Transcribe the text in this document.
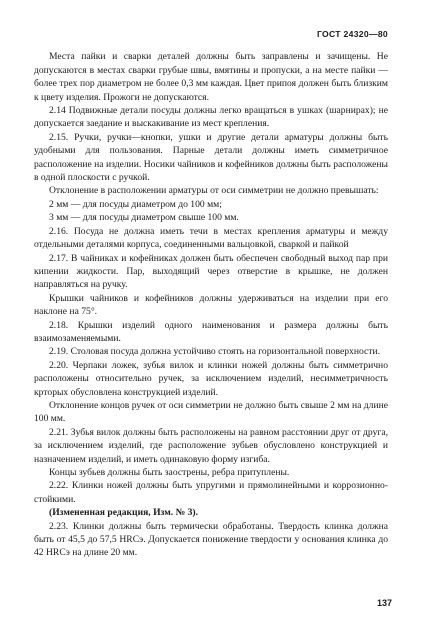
ГОСТ 24320—80

Места пайки и сварки деталей должны быть заправлены и зачищены. Не допускаются в местах сварки грубые швы, вмятины и пропуски, а на месте пайки — более трех пор диаметром не более 0,3 мм каждая. Цвет припоя должен быть близким к цвету изделия. Прожоги не допускаются.

2.14 Подвижные детали посуды должны легко вращаться в ушках (шарнирах); не допускается заедание и выскакивание из мест крепления.

2.15. Ручки, ручки—кнопки, ушки и другие детали арматуры должны быть удобными для пользования. Парные детали должны иметь симметричное расположение на изделии. Носики чайников и кофейников должны быть расположены в одной плоскости с ручкой.

Отклонение в расположении арматуры от оси симметрии не должно превышать:

2 мм — для посуды диаметром до 100 мм;

3 мм — для посуды диаметром свыше 100 мм.

2.16. Посуда не должна иметь течи в местах крепления арматуры и между отдельными деталями корпуса, соединенными вальцовкой, сваркой и пайкой

2.17. В чайниках и кофейниках должен быть обеспечен свободный выход пар при кипении жидкости. Пар, выходящий через отверстие в крышке, не должен направляться на ручку.

Крышки чайников и кофейников должны удерживаться на изделии при его наклоне на 75°.

2.18. Крышки изделий одного наименования и размера должны быть взаимозаменяемыми.

2.19. Столовая посуда должна устойчиво стоять на горизонтальной поверхности.

2.20. Черпаки ложек, зубья вилок и клинки ножей должны быть симметрично расположены относительно ручек, за исключением изделий, несимметричность крторых обусловлена конструкцией изделий.

Отклонение концов ручек от оси симметрии не должно быть свыше 2 мм на длине 100 мм.

2.21. Зубья вилок должны быть расположены на равном расстоянии друг от друга, за исключением изделий, где расположение зубьев обусловлено конструкцией и назначением изделий, и иметь одинаковую форму изгиба.

Концы зубьев должны быть заострены, ребра притуплены.

2.22. Клинки ножей должны быть упругими и прямолинейными и коррозионно-стойкими.

(Измененная редакция, Изм. № 3).

2.23. Клинки должны быть термически обработаны. Твердость клинка должна быть от 45,5 до 57,5 HRCэ. Допускается понижение твердости у основания клинка до 42 HRCэ на длине 20 мм.

137
